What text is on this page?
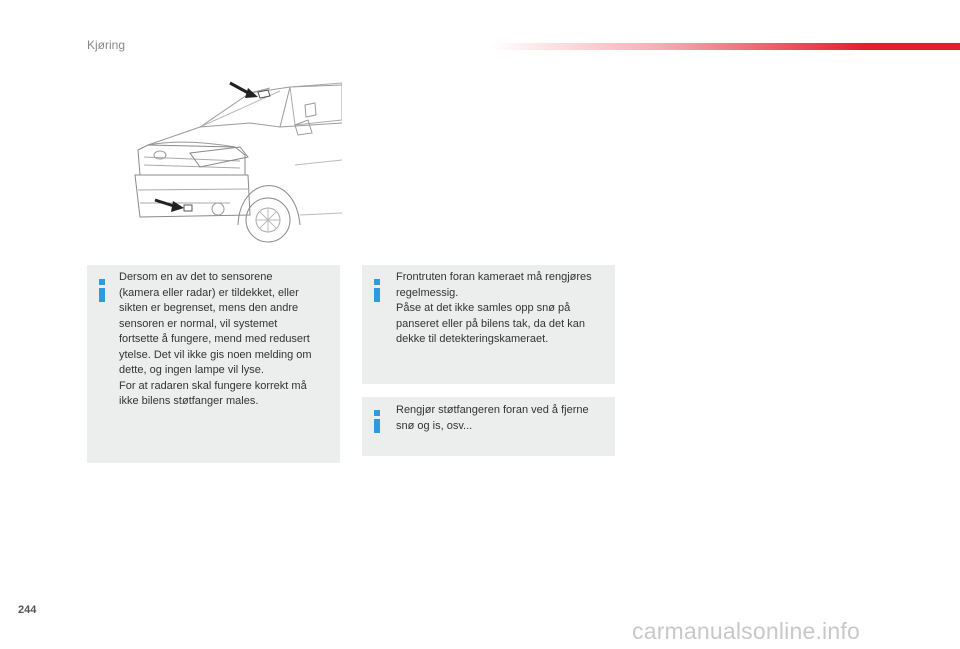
Kjøring
Dersom en av det to sensorene
(kamera eller radar) er tildekket, eller
sikten er begrenset, mens den andre
sensoren er normal, vil systemet
fortsette å fungere, mend med redusert
ytelse. Det vil ikke gis noen melding om
dette, og ingen lampe vil lyse.
For at radaren skal fungere korrekt må
ikke bilens støtfanger males.
Frontruten foran kameraet må rengjøres
regelmessig.
Påse at det ikke samles opp snø på
panseret eller på bilens tak, da det kan
dekke til detekteringskameraet.
Rengjør støtfangeren foran ved å fjerne
snø og is, osv...
244
carmanualsonline.info
